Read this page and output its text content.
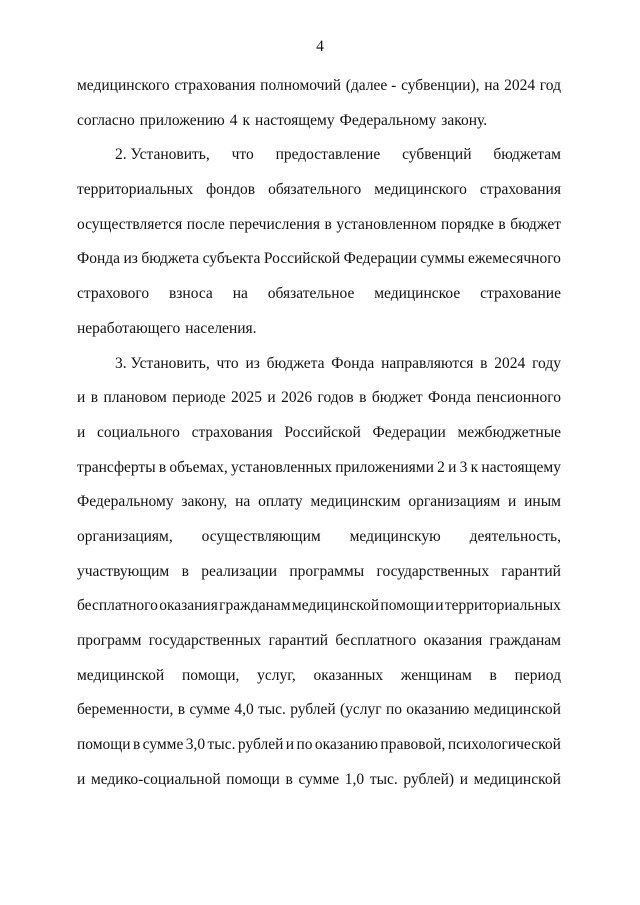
4
медицинского страхования полномочий (далее - субвенции), на 2024 год
согласно приложению 4 к настоящему Федеральному закону.
2. Установить, что предоставление субвенций бюджетам
территориальных фондов обязательного медицинского страхования
осуществляется после перечисления в установленном порядке в бюджет
Фонда из бюджета субъекта Российской Федерации суммы ежемесячного
страхового взноса на обязательное медицинское страхование
неработающего населения.
3. Установить, что из бюджета Фонда направляются в 2024 году
и в плановом периоде 2025 и 2026 годов в бюджет Фонда пенсионного
и социального страхования Российской Федерации межбюджетные
трансферты в объемах, установленных приложениями 2 и 3 к настоящему
Федеральному закону, на оплату медицинским организациям и иным
организациям, осуществляющим медицинскую деятельность,
участвующим в реализации программы государственных гарантий
бесплатного оказания гражданам медицинской помощи и территориальных
программ государственных гарантий бесплатного оказания гражданам
медицинской помощи, услуг, оказанных женщинам в период
беременности, в сумме 4,0 тыс. рублей (услуг по оказанию медицинской
помощи в сумме 3,0 тыс. рублей и по оказанию правовой, психологической
и медико-социальной помощи в сумме 1,0 тыс. рублей) и медицинской
